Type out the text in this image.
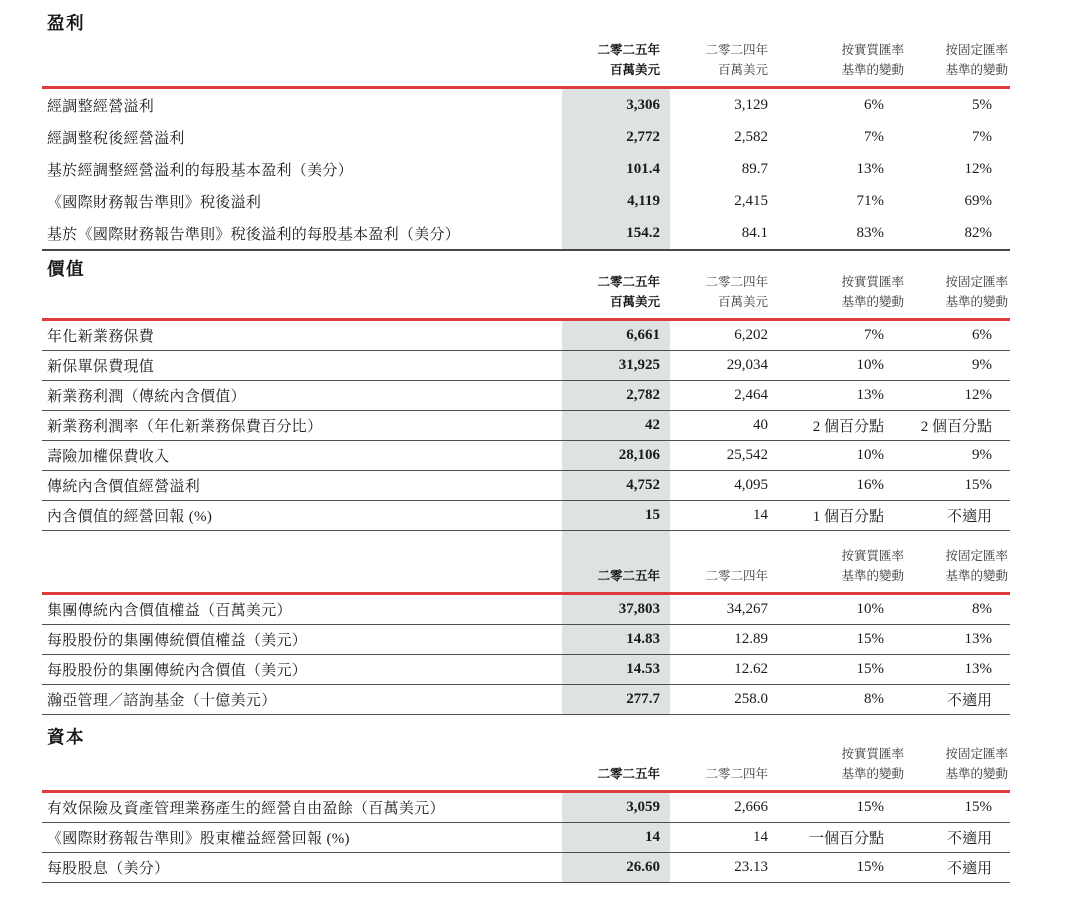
盈利
二零二五年
百萬美元
二零二四年
百萬美元
按實質匯率
基準的變動
按固定匯率
基準的變動
經調整經營溢利	3,306	3,129	6%	5%
經調整稅後經營溢利	2,772	2,582	7%	7%
基於經調整經營溢利的每股基本盈利（美分）	101.4	89.7	13%	12%
《國際財務報告準則》稅後溢利	4,119	2,415	71%	69%
基於《國際財務報告準則》稅後溢利的每股基本盈利（美分）	154.2	84.1	83%	82%
價值
二零二五年
百萬美元
二零二四年
百萬美元
按實質匯率
基準的變動
按固定匯率
基準的變動
年化新業務保費	6,661	6,202	7%	6%
新保單保費現值	31,925	29,034	10%	9%
新業務利潤（傳統內含價值）	2,782	2,464	13%	12%
新業務利潤率（年化新業務保費百分比）	42	40	2 個百分點	2 個百分點
壽險加權保費收入	28,106	25,542	10%	9%
傳統內含價值經營溢利	4,752	4,095	16%	15%
內含價值的經營回報 (%)	15	14	1 個百分點	不適用
二零二五年	二零二四年
按實質匯率
基準的變動
按固定匯率
基準的變動
集團傳統內含價值權益（百萬美元）	37,803	34,267	10%	8%
每股股份的集團傳統價值權益（美元）	14.83	12.89	15%	13%
每股股份的集團傳統內含價值（美元）	14.53	12.62	15%	13%
瀚亞管理／諮詢基金（十億美元）	277.7	258.0	8%	不適用
資本
二零二五年	二零二四年
按實質匯率
基準的變動
按固定匯率
基準的變動
有效保險及資產管理業務產生的經營自由盈餘（百萬美元）	3,059	2,666	15%	15%
《國際財務報告準則》股東權益經營回報 (%)	14	14	一個百分點	不適用
每股股息（美分）	26.60	23.13	15%	不適用
